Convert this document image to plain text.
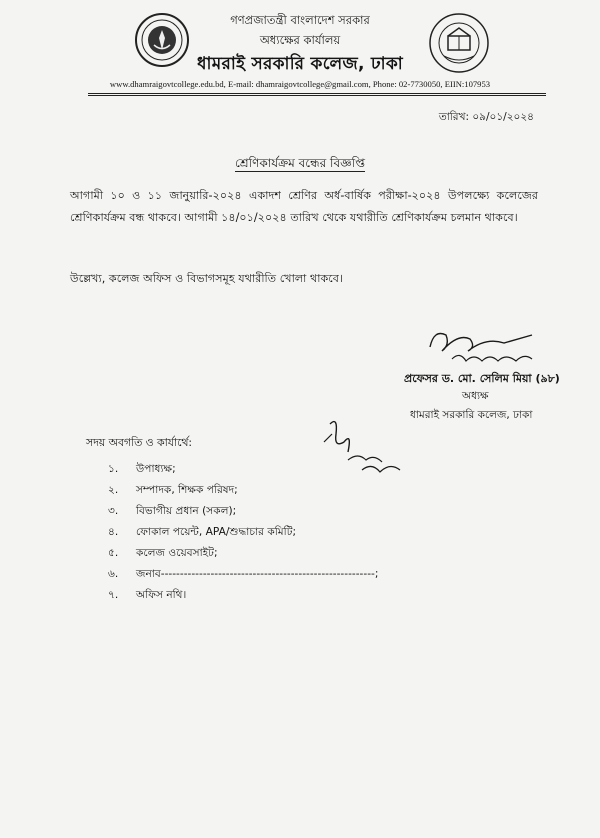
গণপ্রজাতন্ত্রী বাংলাদেশ সরকার
অধ্যক্ষের কার্যালয়
ধামরাই সরকারি কলেজ, ঢাকা
www.dhamraigovtcollege.edu.bd, E-mail: dhamraigovtcollege@gmail.com, Phone: 02-7730050, EIIN:107953
তারিখ: ০৯/০১/২০২৪
শ্রেণিকার্যক্রম বন্ধের বিজ্ঞপ্তি
আগামী ১০ ও ১১ জানুয়ারি-২০২৪ একাদশ শ্রেণির অর্ধ-বার্ষিক পরীক্ষা-২০২৪ উপলক্ষ্যে কলেজের শ্রেণিকার্যক্রম বন্ধ থাকবে। আগামী ১৪/০১/২০২৪ তারিখ থেকে যথারীতি শ্রেণিকার্যক্রম চলমান থাকবে।
উল্লেখ্য, কলেজ অফিস ও বিভাগসমূহ যথারীতি খোলা থাকবে।
প্রফেসর ড. মো. সেলিম মিয়া (৯৮)
অধ্যক্ষ
ধামরাই সরকারি কলেজ, ঢাকা
সদয় অবগতি ও কার্যার্থে:
১. উপাধ্যক্ষ;
২. সম্পাদক, শিক্ষক পরিষদ;
৩. বিভাগীয় প্রধান (সকল);
৪. ফোকাল পয়েন্ট, APA/শুদ্ধাচার কমিটি;
৫. কলেজ ওয়েবসাইট;
৬. জনাব--------------------------------------------------------;
৭. অফিস নথি।
